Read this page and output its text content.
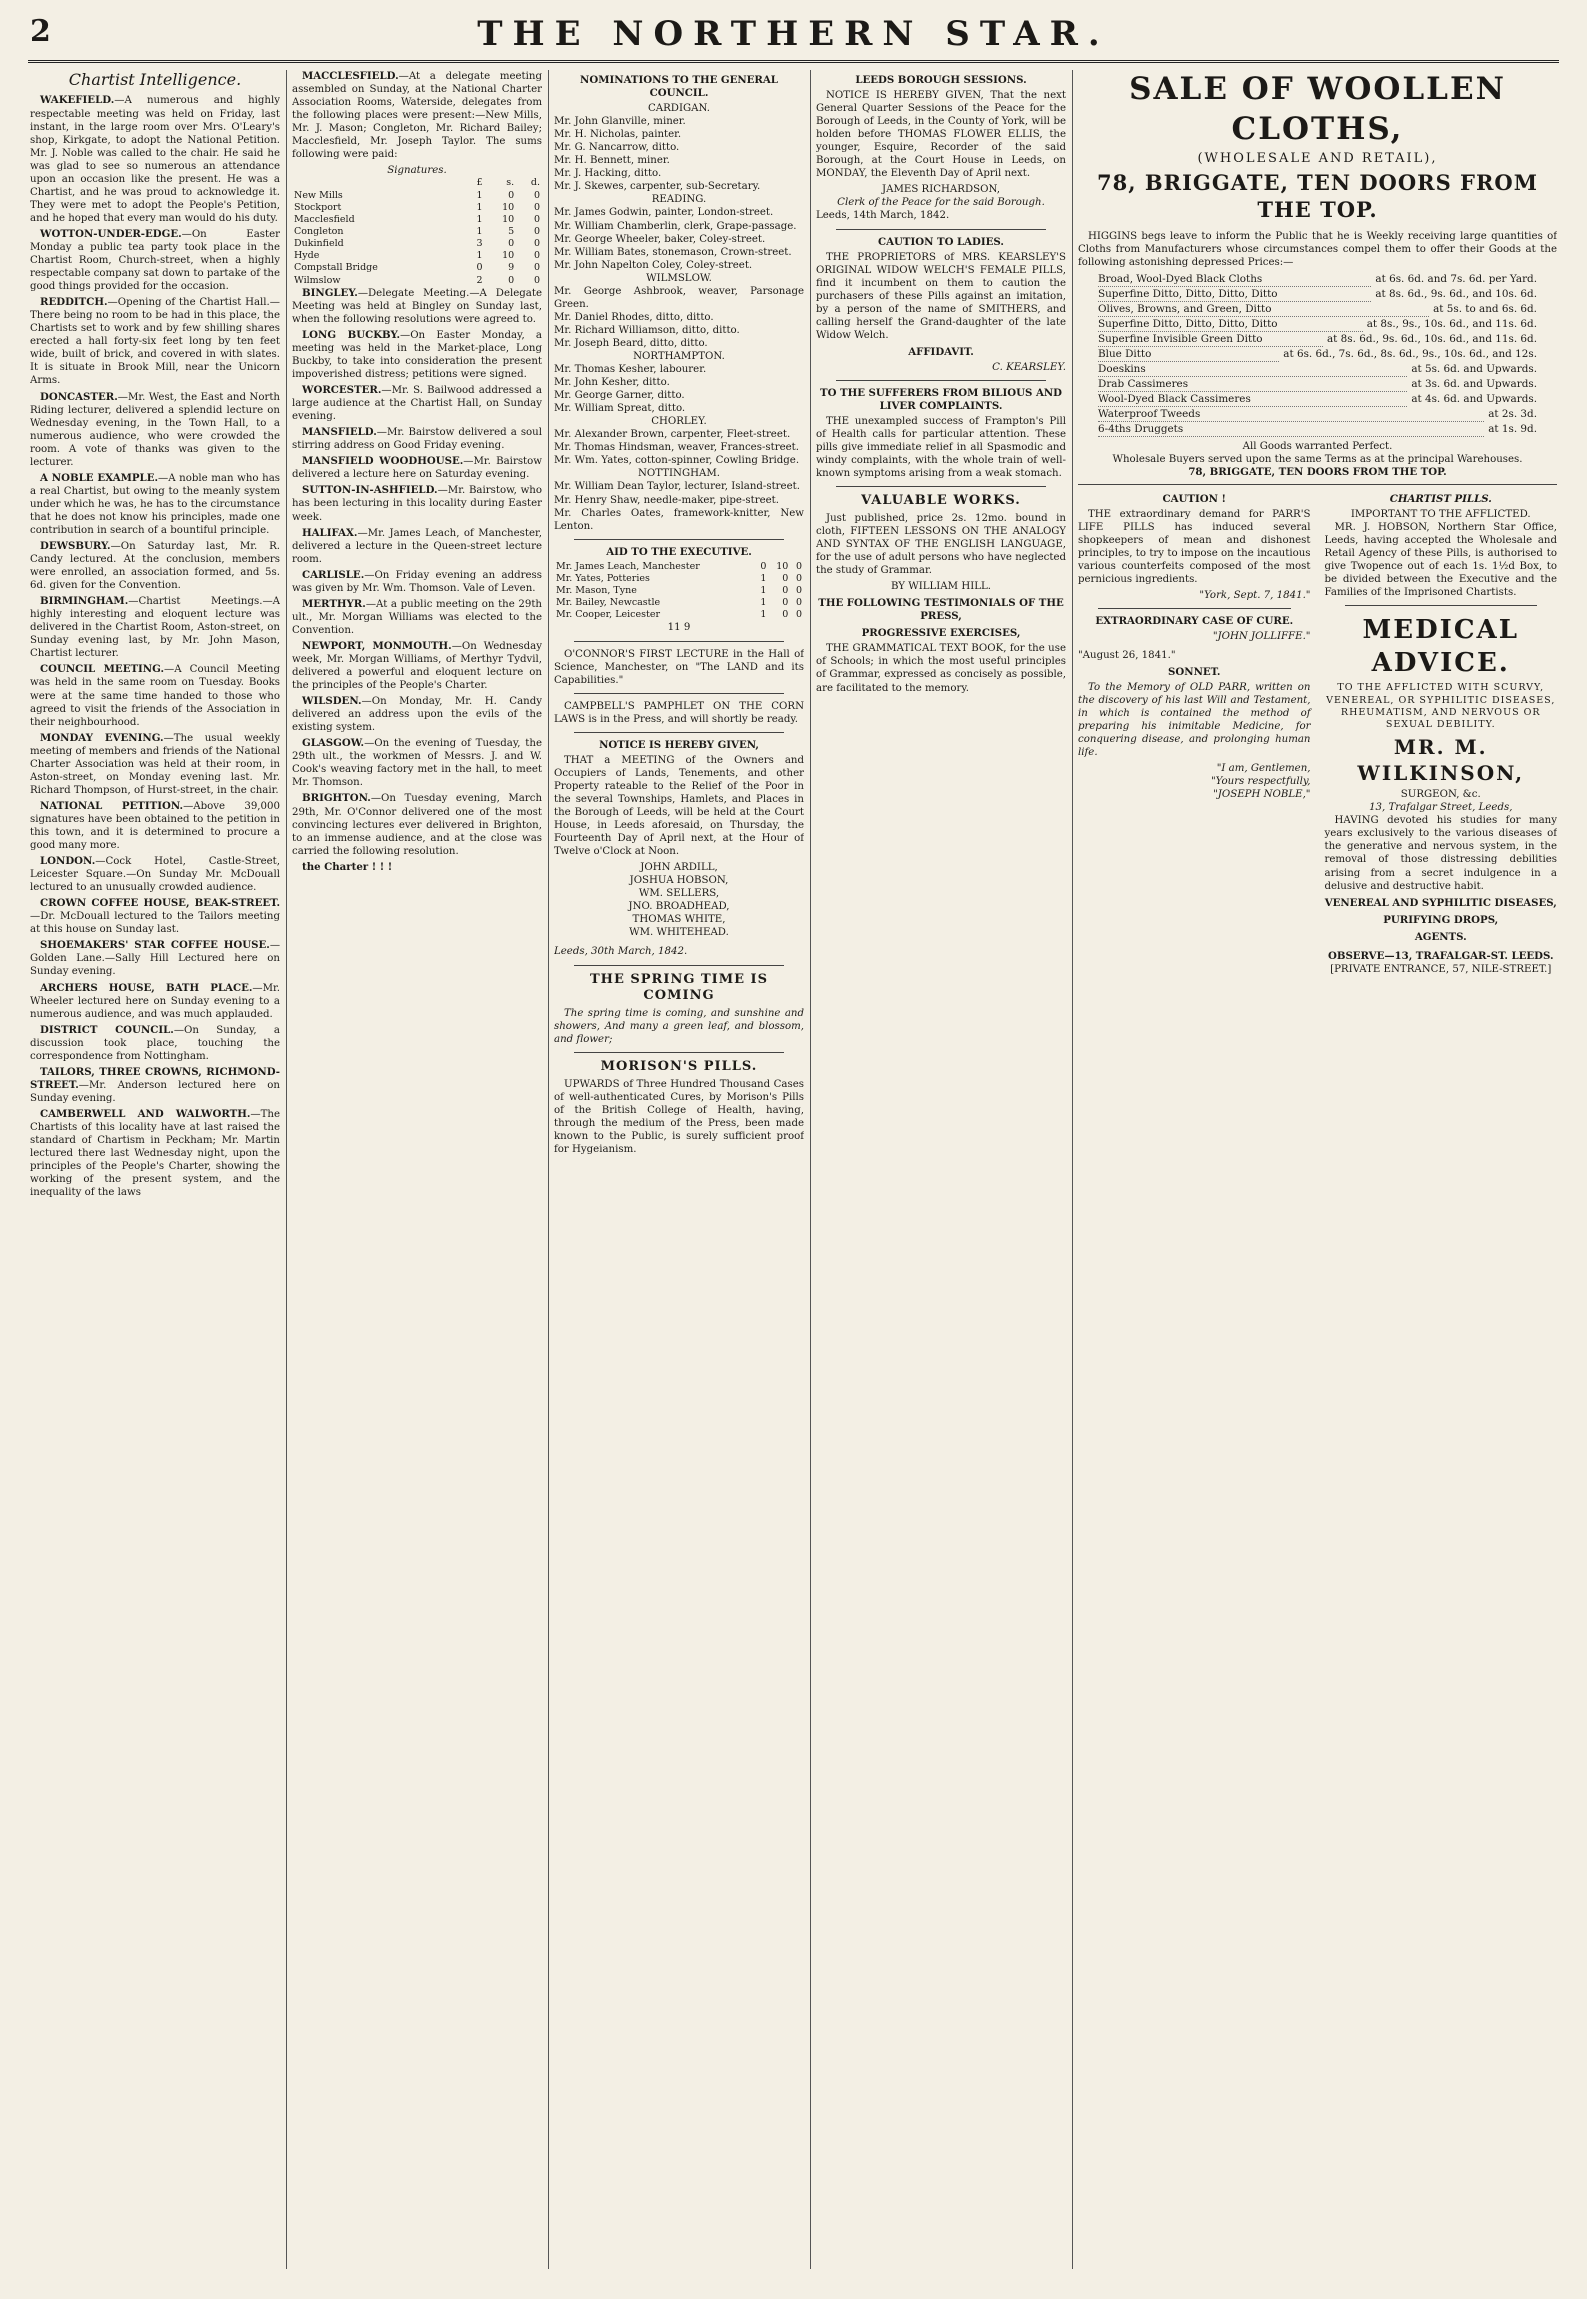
2	THE NORTHERN STAR.
Chartist Intelligence.

WAKEFIELD.—A numerous and highly respectable meeting was held on Friday, last instant, in the large room over Mrs. O'Leary's shop, Kirkgate, to adopt the National Petition. Mr. J. Noble was called to the chair. He said he was glad to see so numerous an attendance upon an occasion like the present. He was a Chartist, and he was proud to acknowledge it. They were met to adopt the People's Petition, and he hoped that every man would do his duty.

WOTTON-UNDER-EDGE.—On Easter Monday a public tea party took place in the Chartist Room, Church-street, when a highly respectable company sat down to partake of the good things provided for the occasion.

REDDITCH.—Opening of the Chartist Hall.—There being no room to be had in this place, the Chartists set to work and by few shilling shares erected a hall forty-six feet long by ten feet wide, built of brick, and covered in with slates. It is situate in Brook Mill, near the Unicorn Arms.

DONCASTER.—Mr. West, the East and North Riding lecturer, delivered a splendid lecture on Wednesday evening, in the Town Hall, to a numerous audience, who were crowded the room. A vote of thanks was given to the lecturer.

A NOBLE EXAMPLE.—A noble man who has a real Chartist, but owing to the meanly system under which he was, he has to the circumstance that he does not know his principles, made one contribution in search of a bountiful principle.

DEWSBURY.—On Saturday last, Mr. R. Candy lectured. At the conclusion, members were enrolled, an association formed, and 5s. 6d. given for the Convention.

BIRMINGHAM.—Chartist Meetings.—A highly interesting and eloquent lecture was delivered in the Chartist Room, Aston-street, on Sunday evening last, by Mr. John Mason, Chartist lecturer.

COUNCIL MEETING.—A Council Meeting was held in the same room on Tuesday. Books were at the same time handed to those who agreed to visit the friends of the Association in their neighbourhood.

MONDAY EVENING.—The usual weekly meeting of members and friends of the National Charter Association was held at their room, in Aston-street, on Monday evening last. Mr. Richard Thompson, of Hurst-street, in the chair.

NATIONAL PETITION.—Above 39,000 signatures have been obtained to the petition in this town, and it is determined to procure a good many more.

LONDON.—Cock Hotel, Castle-Street, Leicester Square.—On Sunday Mr. McDouall lectured to an unusually crowded audience.

CROWN COFFEE HOUSE, BEAK-STREET.—Dr. McDouall lectured to the Tailors meeting at this house on Sunday last.

SHOEMAKERS' STAR COFFEE HOUSE.—Golden Lane.—Sally Hill Lectured here on Sunday evening.

ARCHERS HOUSE, BATH PLACE.—Mr. Wheeler lectured here on Sunday evening to a numerous audience, and was much applauded.

DISTRICT COUNCIL.—On Sunday, a discussion took place, touching the correspondence from Nottingham.

TAILORS, THREE CROWNS, RICHMOND-STREET.—Mr. Anderson lectured here on Sunday evening.

CAMBERWELL AND WALWORTH.—The Chartists of this locality have at last raised the standard of Chartism in Peckham; Mr. Martin lectured there last Wednesday night, upon the principles of the People's Charter, showing the working of the present system, and the inequality of the laws

MACCLESFIELD.—At a delegate meeting assembled on Sunday, at the National Charter Association Rooms, Waterside, delegates from the following places were present:—New Mills, Mr. J. Mason; Congleton, Mr. Richard Bailey; Macclesfield, Mr. Joseph Taylor. The sums following were paid:

Signatures.
	£	s.	d.
New Mills	1	0	0
Stockport	1	10	0
Macclesfield	1	10	0
Congleton	1	5	0
Dukinfield	3	0	0
Hyde	1	10	0
Compstall Bridge	0	9	0
Wilmslow	2	0	0

BINGLEY.—Delegate Meeting.—A Delegate Meeting was held at Bingley on Sunday last, when the following resolutions were agreed to.

LONG BUCKBY.—On Easter Monday, a meeting was held in the Market-place, Long Buckby, to take into consideration the present impoverished distress; petitions were signed.

WORCESTER.—Mr. S. Bailwood addressed a large audience at the Chartist Hall, on Sunday evening.

MANSFIELD.—Mr. Bairstow delivered a soul stirring address on Good Friday evening.

MANSFIELD WOODHOUSE.—Mr. Bairstow delivered a lecture here on Saturday evening.

SUTTON-IN-ASHFIELD.—Mr. Bairstow, who has been lecturing in this locality during Easter week.

HALIFAX.—Mr. James Leach, of Manchester, delivered a lecture in the Queen-street lecture room.

CARLISLE.—On Friday evening an address was given by Mr. Wm. Thomson. Vale of Leven.

MERTHYR.—At a public meeting on the 29th ult., Mr. Morgan Williams was elected to the Convention.

NEWPORT, MONMOUTH.—On Wednesday week, Mr. Morgan Williams, of Merthyr Tydvil, delivered a powerful and eloquent lecture on the principles of the People's Charter.

WILSDEN.—On Monday, Mr. H. Candy delivered an address upon the evils of the existing system.

GLASGOW.—On the evening of Tuesday, the 29th ult., the workmen of Messrs. J. and W. Cook's weaving factory met in the hall, to meet Mr. Thomson.

BRIGHTON.—On Tuesday evening, March 29th, Mr. O'Connor delivered one of the most convincing lectures ever delivered in Brighton, to an immense audience, and at the close was carried the following resolution.

the Charter ! ! !

NOMINATIONS TO THE GENERAL COUNCIL.
CARDIGAN.
Mr. John Glanville, miner.
Mr. H. Nicholas, painter.
Mr. G. Nancarrow, ditto.
Mr. H. Bennett, miner.
Mr. J. Hacking, ditto.
Mr. J. Skewes, carpenter, sub-Secretary.
READING.
Mr. James Godwin, painter, London-street.
Mr. William Chamberlin, clerk, Grape-passage.
Mr. George Wheeler, baker, Coley-street.
Mr. William Bates, stonemason, Crown-street.
Mr. John Napelton Coley, Coley-street.
WILMSLOW.
Mr. George Ashbrook, weaver, Parsonage Green.
Mr. Daniel Rhodes, ditto, ditto.
Mr. Richard Williamson, ditto, ditto.
Mr. Joseph Beard, ditto, ditto.
NORTHAMPTON.
Mr. Thomas Kesher, labourer.
Mr. John Kesher, ditto.
Mr. George Garner, ditto.
Mr. William Spreat, ditto.
CHORLEY.
Mr. Alexander Brown, carpenter, Fleet-street.
Mr. Thomas Hindsman, weaver, Frances-street.
Mr. Wm. Yates, cotton-spinner, Cowling Bridge.
NOTTINGHAM.
Mr. William Dean Taylor, lecturer, Island-street.
Mr. Henry Shaw, needle-maker, pipe-street.
Mr. Charles Oates, framework-knitter, New Lenton.
AID TO THE EXECUTIVE.
Mr. James Leach, Manchester	0	10	0
Mr. Yates, Potteries	1	0	0
Mr. Mason, Tyne	1	0	0
Mr. Bailey, Newcastle	1	0	0
Mr. Cooper, Leicester	1	0	0
11 9

O'CONNOR'S FIRST LECTURE in the Hall of Science, Manchester, on "The LAND and its Capabilities."

CAMPBELL'S PAMPHLET ON THE CORN LAWS is in the Press, and will shortly be ready.

NOTICE IS HEREBY GIVEN,

THAT a MEETING of the Owners and Occupiers of Lands, Tenements, and other Property rateable to the Relief of the Poor in the several Townships, Hamlets, and Places in the Borough of Leeds, will be held at the Court House, in Leeds aforesaid, on Thursday, the Fourteenth Day of April next, at the Hour of Twelve o'Clock at Noon.

JOHN ARDILL,
JOSHUA HOBSON,
WM. SELLERS,
JNO. BROADHEAD,
THOMAS WHITE,
WM. WHITEHEAD.
Leeds, 30th March, 1842.
THE SPRING TIME IS COMING

The spring time is coming, and sunshine and showers, And many a green leaf, and blossom, and flower;

MORISON'S PILLS.

UPWARDS of Three Hundred Thousand Cases of well-authenticated Cures, by Morison's Pills of the British College of Health, having, through the medium of the Press, been made known to the Public, is surely sufficient proof for Hygeianism.

LEEDS BOROUGH SESSIONS.

NOTICE IS HEREBY GIVEN, That the next General Quarter Sessions of the Peace for the Borough of Leeds, in the County of York, will be holden before THOMAS FLOWER ELLIS, the younger, Esquire, Recorder of the said Borough, at the Court House in Leeds, on MONDAY, the Eleventh Day of April next.

JAMES RICHARDSON,
Clerk of the Peace for the said Borough.
Leeds, 14th March, 1842.
CAUTION TO LADIES.

THE PROPRIETORS of MRS. KEARSLEY'S ORIGINAL WIDOW WELCH'S FEMALE PILLS, find it incumbent on them to caution the purchasers of these Pills against an imitation, by a person of the name of SMITHERS, and calling herself the Grand-daughter of the late Widow Welch.

AFFIDAVIT.
C. KEARSLEY.
TO THE SUFFERERS FROM BILIOUS AND LIVER COMPLAINTS.

THE unexampled success of Frampton's Pill of Health calls for particular attention. These pills give immediate relief in all Spasmodic and windy complaints, with the whole train of well-known symptoms arising from a weak stomach.

VALUABLE WORKS.

Just published, price 2s. 12mo. bound in cloth, FIFTEEN LESSONS ON THE ANALOGY AND SYNTAX OF THE ENGLISH LANGUAGE, for the use of adult persons who have neglected the study of Grammar.

BY WILLIAM HILL.
THE FOLLOWING TESTIMONIALS OF THE PRESS,
PROGRESSIVE EXERCISES,

THE GRAMMATICAL TEXT BOOK, for the use of Schools; in which the most useful principles of Grammar, expressed as concisely as possible, are facilitated to the memory.

SALE OF WOOLLEN CLOTHS,
(WHOLESALE AND RETAIL),
78, BRIGGATE, TEN DOORS FROM THE TOP.

HIGGINS begs leave to inform the Public that he is Weekly receiving large quantities of Cloths from Manufacturers whose circumstances compel them to offer their Goods at the following astonishing depressed Prices:—

Broad, Wool-Dyed Black Cloths	at 6s. 6d. and 7s. 6d. per Yard.
Superfine Ditto, Ditto, Ditto, Ditto	at 8s. 6d., 9s. 6d., and 10s. 6d.
Olives, Browns, and Green, Ditto	at 5s. to and 6s. 6d.
Superfine Ditto, Ditto, Ditto, Ditto	at 8s., 9s., 10s. 6d., and 11s. 6d.
Superfine Invisible Green Ditto	at 8s. 6d., 9s. 6d., 10s. 6d., and 11s. 6d.
Blue Ditto	at 6s. 6d., 7s. 6d., 8s. 6d., 9s., 10s. 6d., and 12s.
Doeskins	at 5s. 6d. and Upwards.
Drab Cassimeres	at 3s. 6d. and Upwards.
Wool-Dyed Black Cassimeres	at 4s. 6d. and Upwards.
Waterproof Tweeds	at 2s. 3d.
6-4ths Druggets	at 1s. 9d.
All Goods warranted Perfect.
Wholesale Buyers served upon the same Terms as at the principal Warehouses.
78, BRIGGATE, TEN DOORS FROM THE TOP.
CAUTION !

THE extraordinary demand for PARR'S LIFE PILLS has induced several shopkeepers of mean and dishonest principles, to try to impose on the incautious various counterfeits composed of the most pernicious ingredients.

"York, Sept. 7, 1841."
EXTRAORDINARY CASE OF CURE.
"JOHN JOLLIFFE."
"August 26, 1841."
SONNET.

To the Memory of OLD PARR, written on the discovery of his last Will and Testament, in which is contained the method of preparing his inimitable Medicine, for conquering disease, and prolonging human life.

"I am, Gentlemen,
"Yours respectfully,
"JOSEPH NOBLE,"
CHARTIST PILLS.
IMPORTANT TO THE AFFLICTED.

MR. J. HOBSON, Northern Star Office, Leeds, having accepted the Wholesale and Retail Agency of these Pills, is authorised to give Twopence out of each 1s. 1½d Box, to be divided between the Executive and the Families of the Imprisoned Chartists.

MEDICAL ADVICE.
TO THE AFFLICTED WITH SCURVY, VENEREAL, OR SYPHILITIC DISEASES, RHEUMATISM, AND NERVOUS OR SEXUAL DEBILITY.
MR. M. WILKINSON,
SURGEON, &c.
13, Trafalgar Street, Leeds,

HAVING devoted his studies for many years exclusively to the various diseases of the generative and nervous system, in the removal of those distressing debilities arising from a secret indulgence in a delusive and destructive habit.

VENEREAL AND SYPHILITIC DISEASES,
PURIFYING DROPS,
AGENTS.
OBSERVE—13, TRAFALGAR-ST. LEEDS.
[PRIVATE ENTRANCE, 57, NILE-STREET.]
